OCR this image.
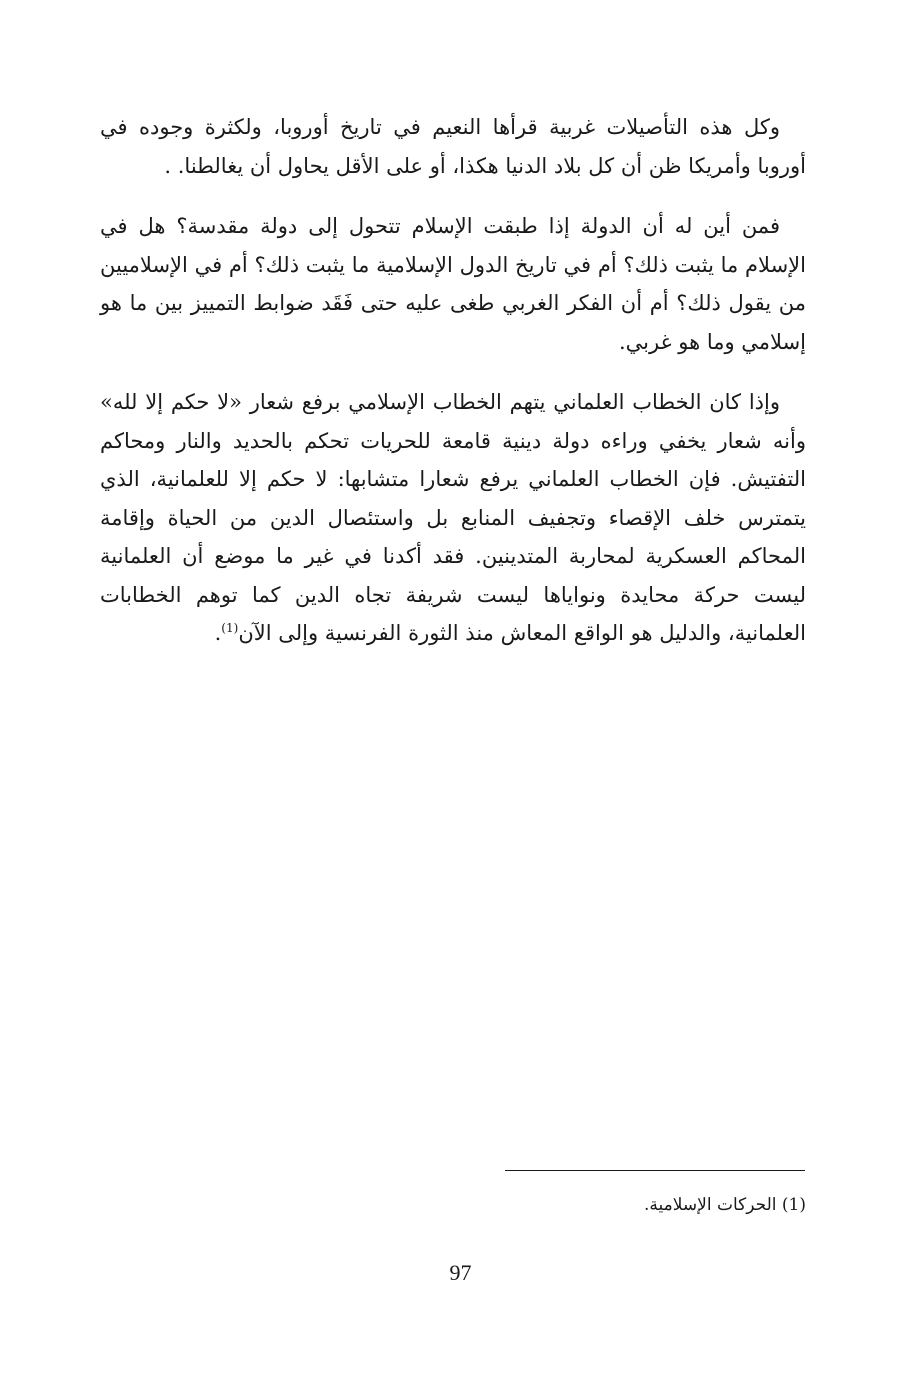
وكل هذه التأصيلات غربية قرأها النعيم في تاريخ أوروبا، ولكثرة وجوده في أوروبا وأمريكا ظن أن كل بلاد الدنيا هكذا، أو على الأقل يحاول أن يغالطنا. .

فمن أين له أن الدولة إذا طبقت الإسلام تتحول إلى دولة مقدسة؟ هل في الإسلام ما يثبت ذلك؟ أم في تاريخ الدول الإسلامية ما يثبت ذلك؟ أم في الإسلاميين من يقول ذلك؟ أم أن الفكر الغربي طغى عليه حتى فَقَد ضوابط التمييز بين ما هو إسلامي وما هو غربي.

وإذا كان الخطاب العلماني يتهم الخطاب الإسلامي برفع شعار «لا حكم إلا لله» وأنه شعار يخفي وراءه دولة دينية قامعة للحريات تحكم بالحديد والنار ومحاكم التفتيش. فإن الخطاب العلماني يرفع شعارا متشابها: لا حكم إلا للعلمانية، الذي يتمترس خلف الإقصاء وتجفيف المنابع بل واستئصال الدين من الحياة وإقامة المحاكم العسكرية لمحاربة المتدينين. فقد أكدنا في غير ما موضع أن العلمانية ليست حركة محايدة ونواياها ليست شريفة تجاه الدين كما توهم الخطابات العلمانية، والدليل هو الواقع المعاش منذ الثورة الفرنسية وإلى الآن$^{(1)}$.

(1) الحركات الإسلامية.
97
